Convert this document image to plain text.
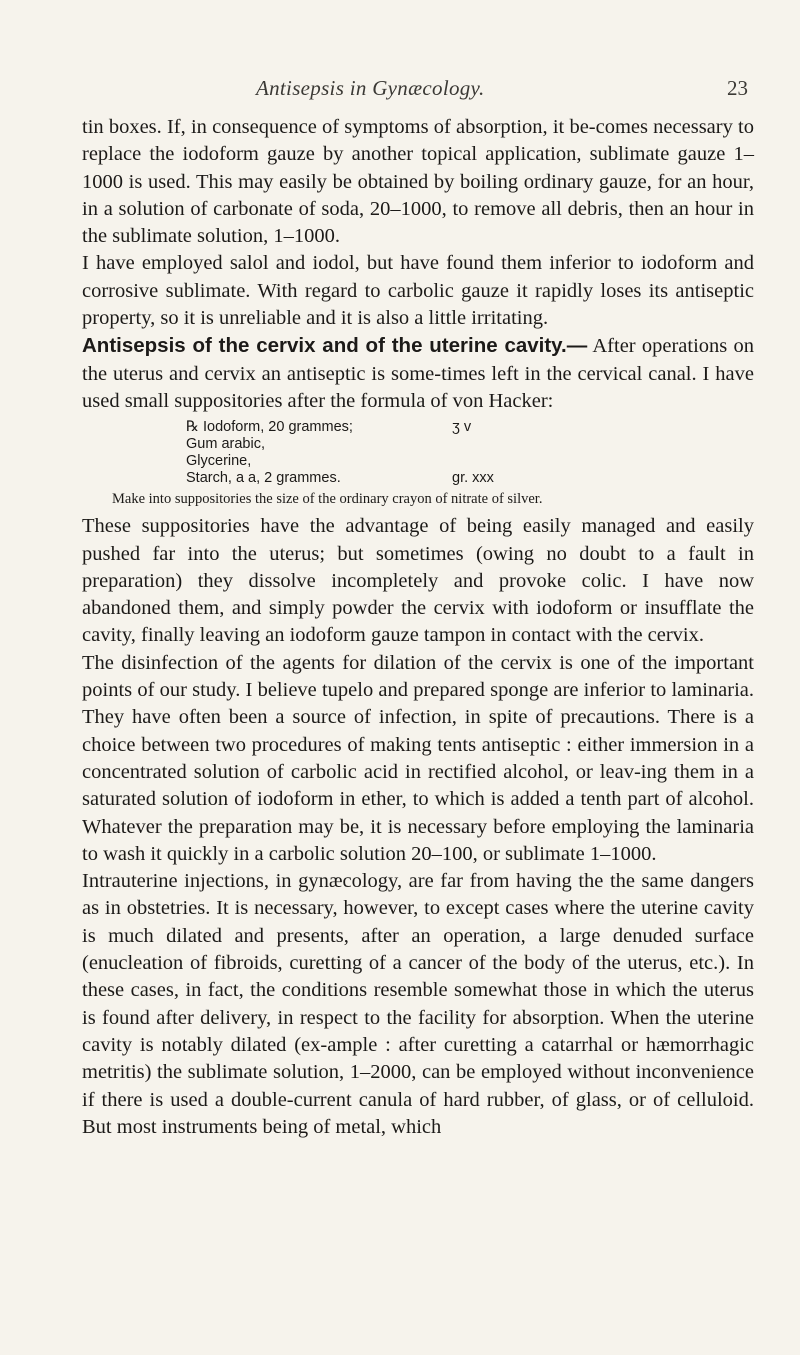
Antisepsis in Gynæcology.	23

tin boxes. If, in consequence of symptoms of absorption, it be-comes necessary to replace the iodoform gauze by another topical application, sublimate gauze 1–1000 is used. This may easily be obtained by boiling ordinary gauze, for an hour, in a solution of carbonate of soda, 20–1000, to remove all debris, then an hour in the sublimate solution, 1–1000.

I have employed salol and iodol, but have found them inferior to iodoform and corrosive sublimate. With regard to carbolic gauze it rapidly loses its antiseptic property, so it is unreliable and it is also a little irritating.

Antisepsis of the cervix and of the uterine cavity.— After operations on the uterus and cervix an antiseptic is some-times left in the cervical canal. I have used small suppositories after the formula of von Hacker:

℞ Iodoform, 20 grammes;	ʒ v
Gum arabic,
Glycerine,
Starch, a a, 2 grammes.	gr. xxx
Make into suppositories the size of the ordinary crayon of nitrate of silver.

These suppositories have the advantage of being easily managed and easily pushed far into the uterus; but sometimes (owing no doubt to a fault in preparation) they dissolve incompletely and provoke colic. I have now abandoned them, and simply powder the cervix with iodoform or insufflate the cavity, finally leaving an iodoform gauze tampon in contact with the cervix.

The disinfection of the agents for dilation of the cervix is one of the important points of our study. I believe tupelo and prepared sponge are inferior to laminaria. They have often been a source of infection, in spite of precautions. There is a choice between two procedures of making tents antiseptic : either immersion in a concentrated solution of carbolic acid in rectified alcohol, or leav-ing them in a saturated solution of iodoform in ether, to which is added a tenth part of alcohol. Whatever the preparation may be, it is necessary before employing the laminaria to wash it quickly in a carbolic solution 20–100, or sublimate 1–1000.

Intrauterine injections, in gynæcology, are far from having the the same dangers as in obstetries. It is necessary, however, to except cases where the uterine cavity is much dilated and presents, after an operation, a large denuded surface (enucleation of fibroids, curetting of a cancer of the body of the uterus, etc.). In these cases, in fact, the conditions resemble somewhat those in which the uterus is found after delivery, in respect to the facility for absorption. When the uterine cavity is notably dilated (ex-ample : after curetting a catarrhal or hæmorrhagic metritis) the sublimate solution, 1–2000, can be employed without inconvenience if there is used a double-current canula of hard rubber, of glass, or of celluloid. But most instruments being of metal, which
